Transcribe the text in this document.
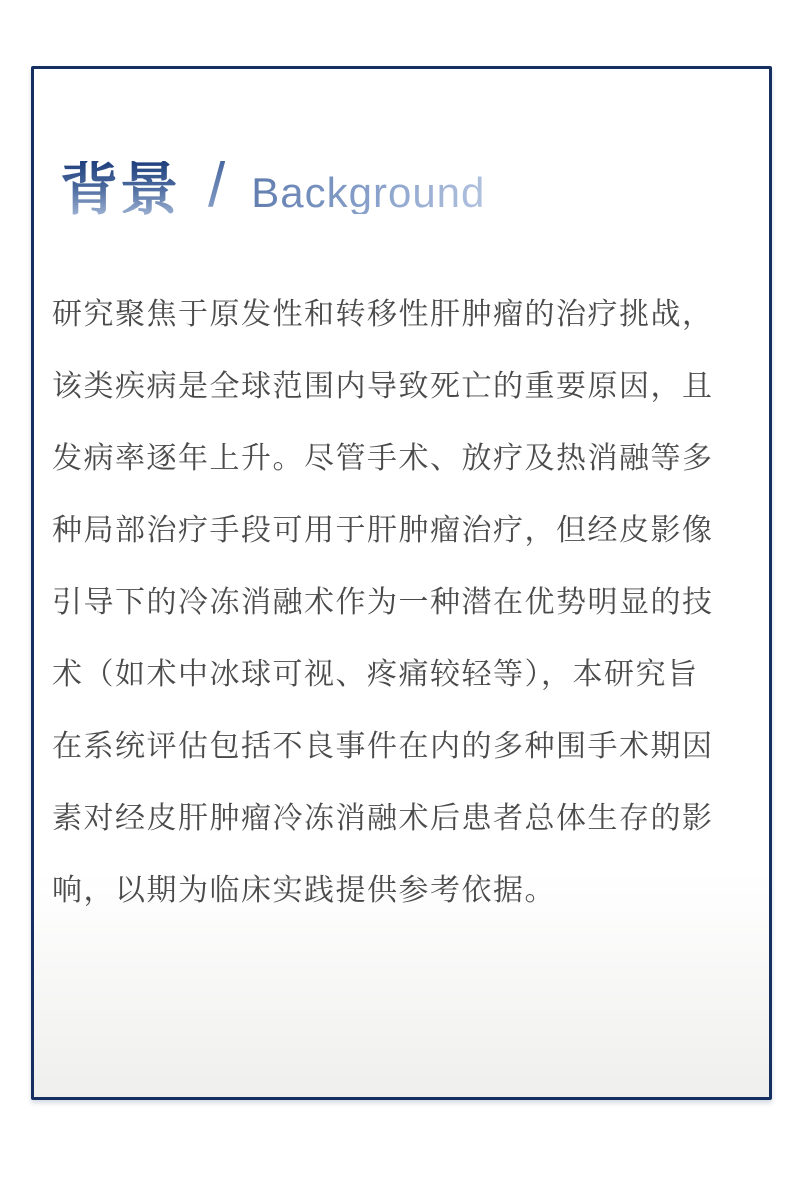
背景 / Background
研究聚焦于原发性和转移性肝肿瘤的治疗挑战，
该类疾病是全球范围内导致死亡的重要原因，且
发病率逐年上升。尽管手术、放疗及热消融等多
种局部治疗手段可用于肝肿瘤治疗，但经皮影像
引导下的冷冻消融术作为一种潜在优势明显的技
术（如术中冰球可视、疼痛较轻等），本研究旨
在系统评估包括不良事件在内的多种围手术期因
素对经皮肝肿瘤冷冻消融术后患者总体生存的影
响，以期为临床实践提供参考依据。
